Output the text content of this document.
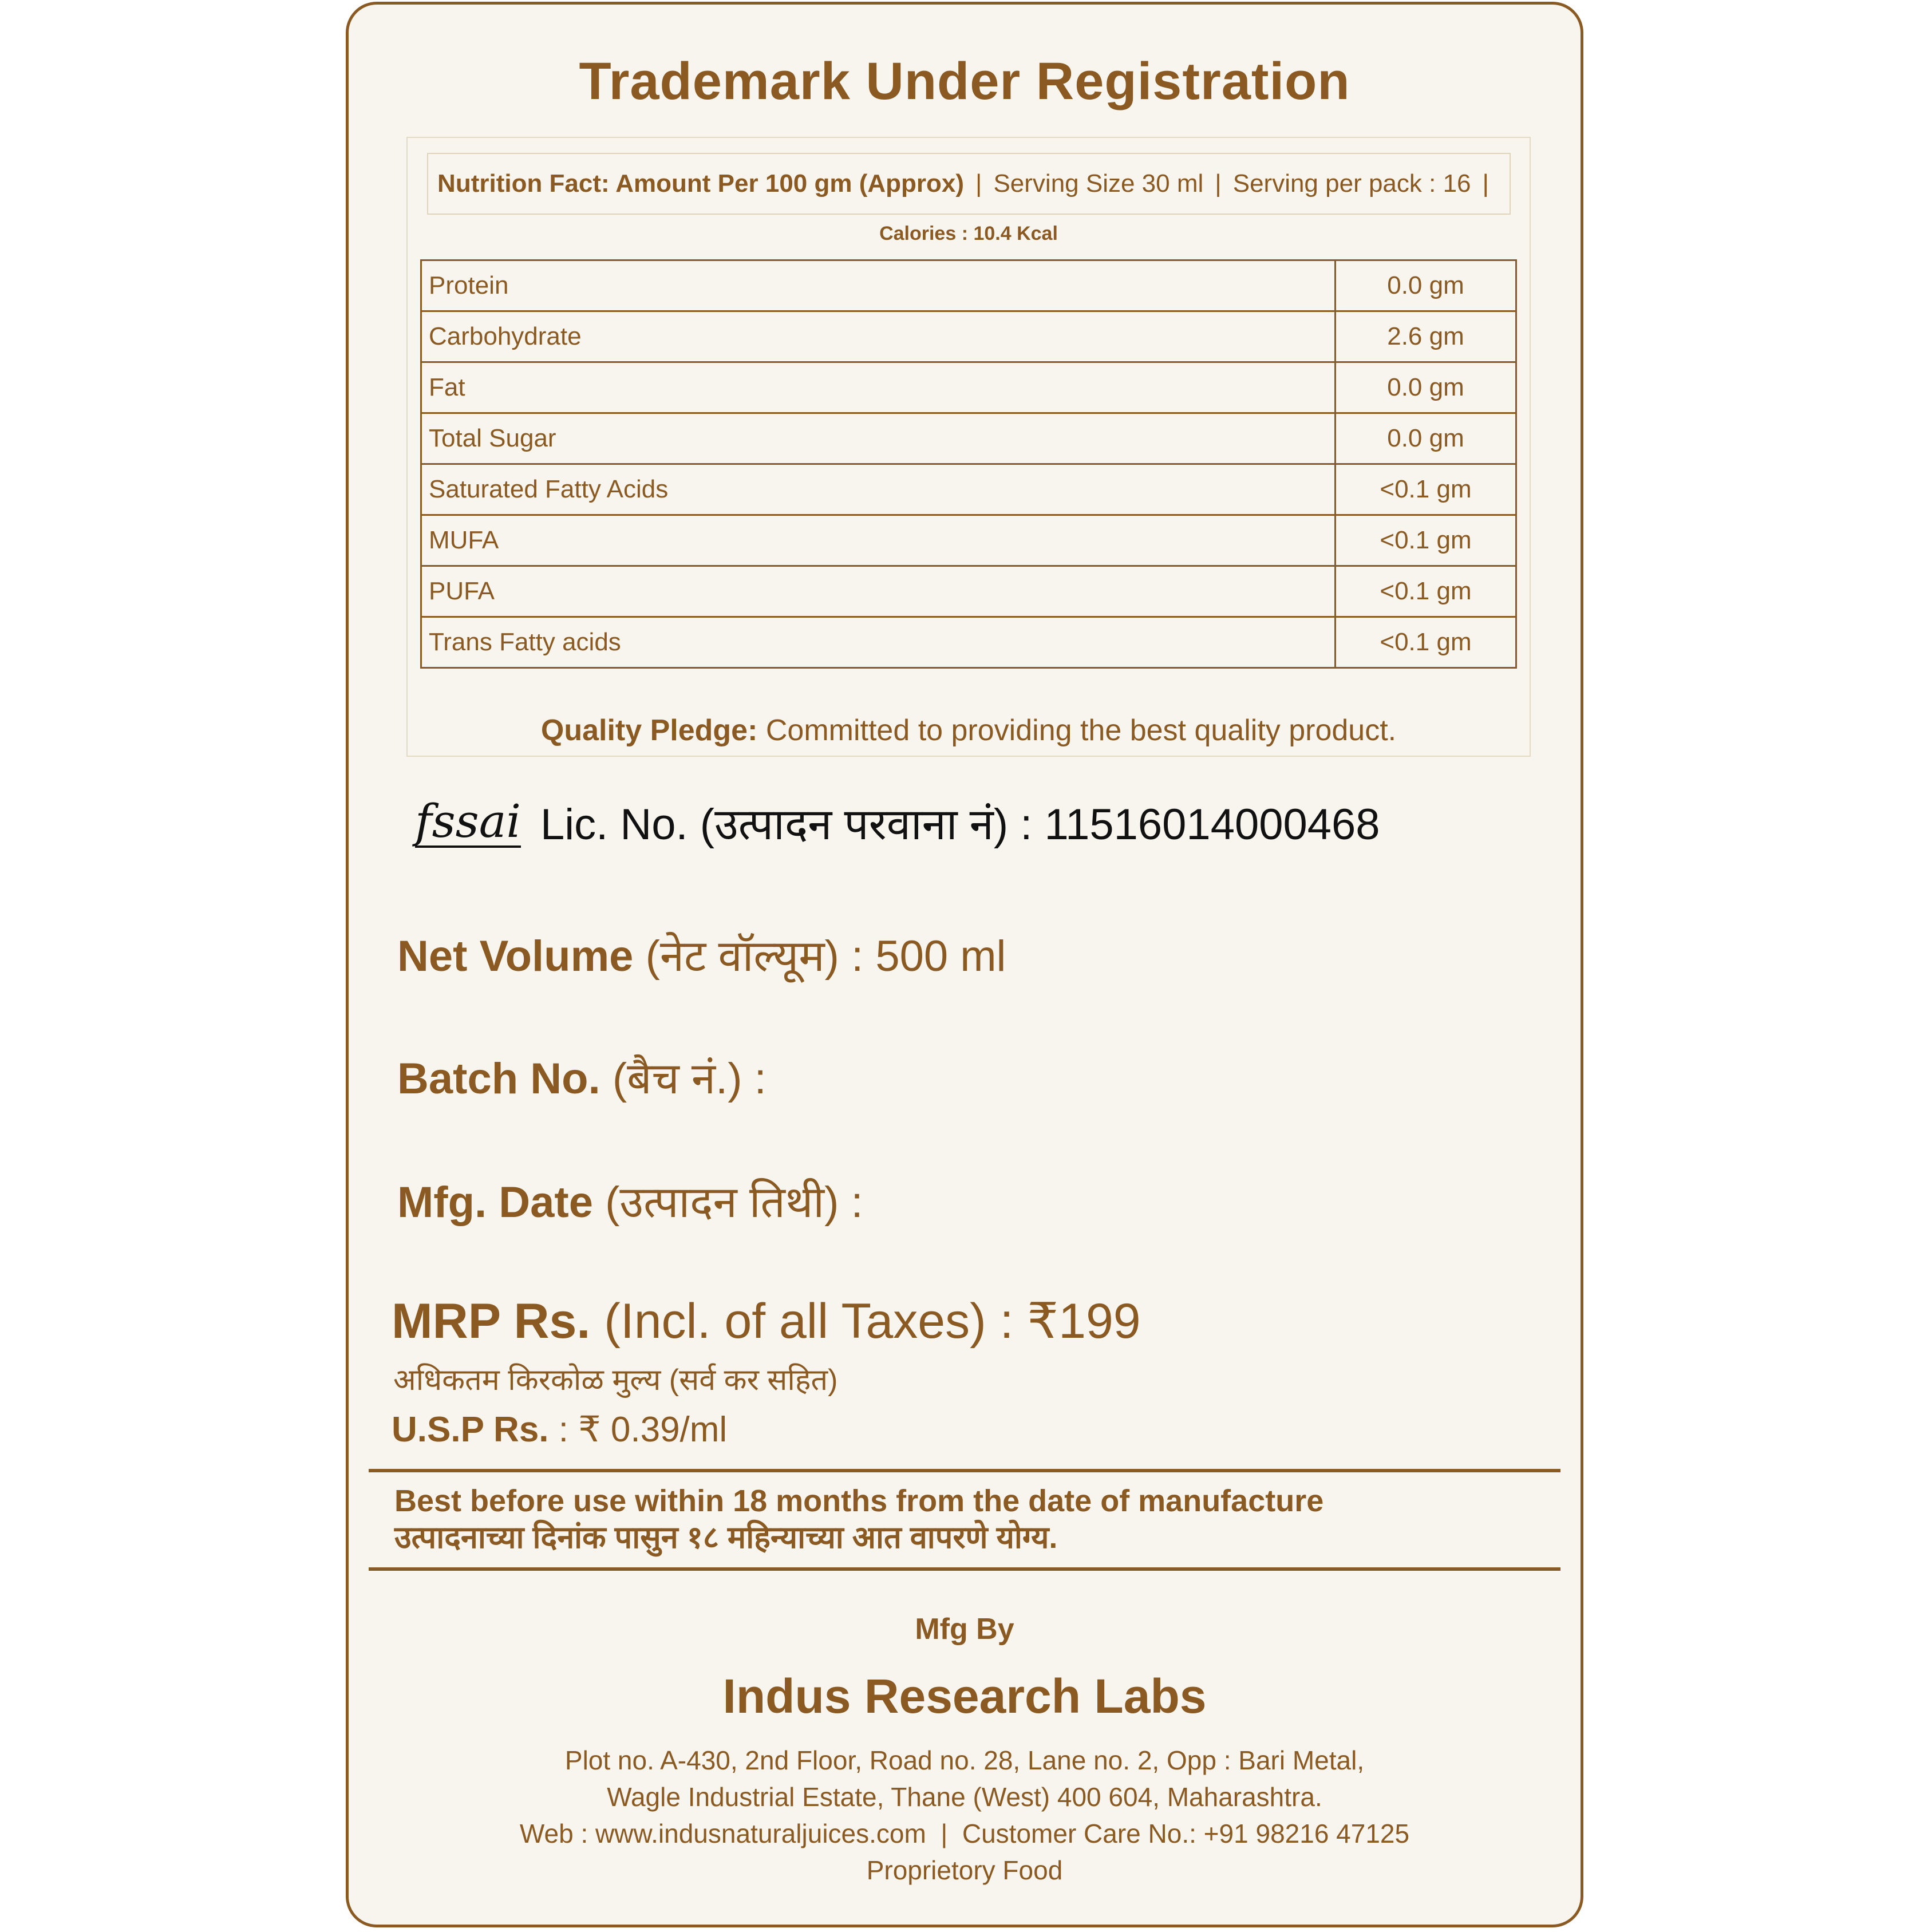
Trademark Under Registration
Nutrition Fact: Amount Per 100 gm (Approx) | Serving Size 30 ml | Serving per pack : 16 |
Calories : 10.4 Kcal
Protein	0.0 gm
Carbohydrate	2.6 gm
Fat	0.0 gm
Total Sugar	0.0 gm
Saturated Fatty Acids	<0.1 gm
MUFA	<0.1 gm
PUFA	<0.1 gm
Trans Fatty acids	<0.1 gm
Quality Pledge: Committed to providing the best quality product.
fssai Lic. No. (उत्पादन परवाना नं) : 11516014000468
Net Volume (नेट वॉल्यूम) : 500 ml
Batch No. (बैच नं.) :
Mfg. Date (उत्पादन तिथी) :
MRP Rs. (Incl. of all Taxes) : ₹199
अधिकतम किरकोळ मुल्य (सर्व कर सहित)
U.S.P Rs. : ₹ 0.39/ml
Best before use within 18 months from the date of manufacture
उत्पादनाच्या दिनांक पासुन १८ महिन्याच्या आत वापरणे योग्य.
Mfg By
Indus Research Labs
Plot no. A-430, 2nd Floor, Road no. 28, Lane no. 2, Opp : Bari Metal,
Wagle Industrial Estate, Thane (West) 400 604, Maharashtra.
Web : www.indusnaturaljuices.com  |  Customer Care No.: +91 98216 47125
Proprietory Food
